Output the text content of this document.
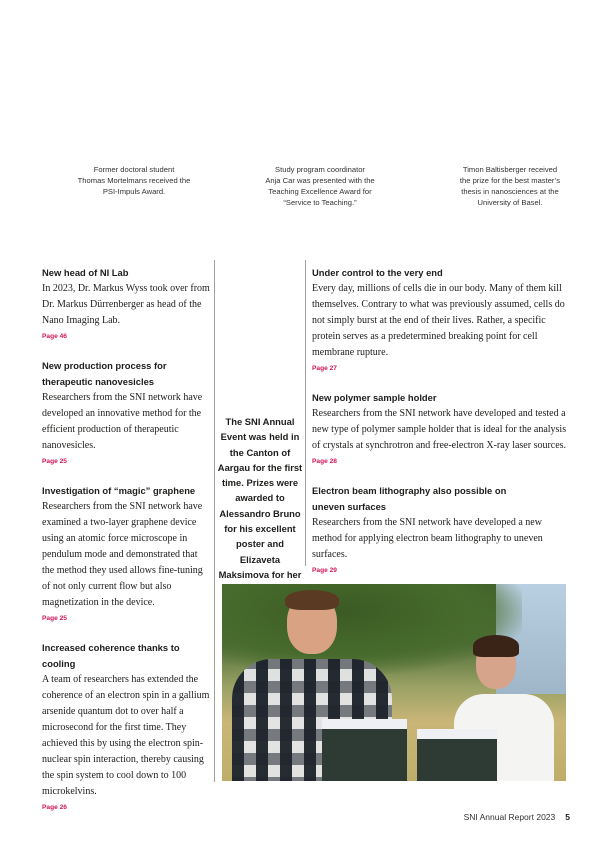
Former doctoral student
Thomas Mortelmans received the
PSI-Impuls Award.
Study program coordinator
Anja Car was presented with the
Teaching Excellence Award for
“Service to Teaching.”
Timon Baltisberger received
the prize for the best master’s
thesis in nanosciences at the
University of Basel.
New head of NI Lab

In 2023, Dr. Markus Wyss took over from Dr. Markus Dürrenberger as head of the Nano Imaging Lab.

Page 46
New production process for therapeutic nanovesicles

Researchers from the SNI network have developed an innovative method for the efficient production of therapeutic nanovesicles.

Page 25
Investigation of “magic” graphene

Researchers from the SNI network have examined a two-layer graphene device using an atomic force microscope in pendulum mode and demonstrated that the method they used allows fine-tuning of not only current flow but also magnetization in the device.

Page 25
Increased coherence thanks to cooling

A team of researchers has extended the coherence of an electron spin in a gallium arsenide quantum dot to over half a microsecond for the first time. They achieved this by using the electron spin-nuclear spin interaction, thereby causing the spin system to cool down to 100 microkelvins.

Page 26
The SNI Annual Event was held in the Canton of Aargau for the first time. Prizes were awarded to Alessandro Bruno for his excellent poster and Elizaveta Maksimova for her
Under control to the very end

Every day, millions of cells die in our body. Many of them kill themselves. Contrary to what was previously assumed, cells do not simply burst at the end of their lives. Rather, a specific protein serves as a predetermined breaking point for cell membrane rupture.

Page 27
New polymer sample holder

Researchers from the SNI network have developed and tested a new type of polymer sample holder that is ideal for the analysis of crystals at synchrotron and free-electron X-ray laser sources.

Page 28
Electron beam lithography also possible on uneven surfaces

Researchers from the SNI network have developed a new method for applying electron beam lithography to uneven surfaces.

Page 29
SNI Annual Report 2023 5
